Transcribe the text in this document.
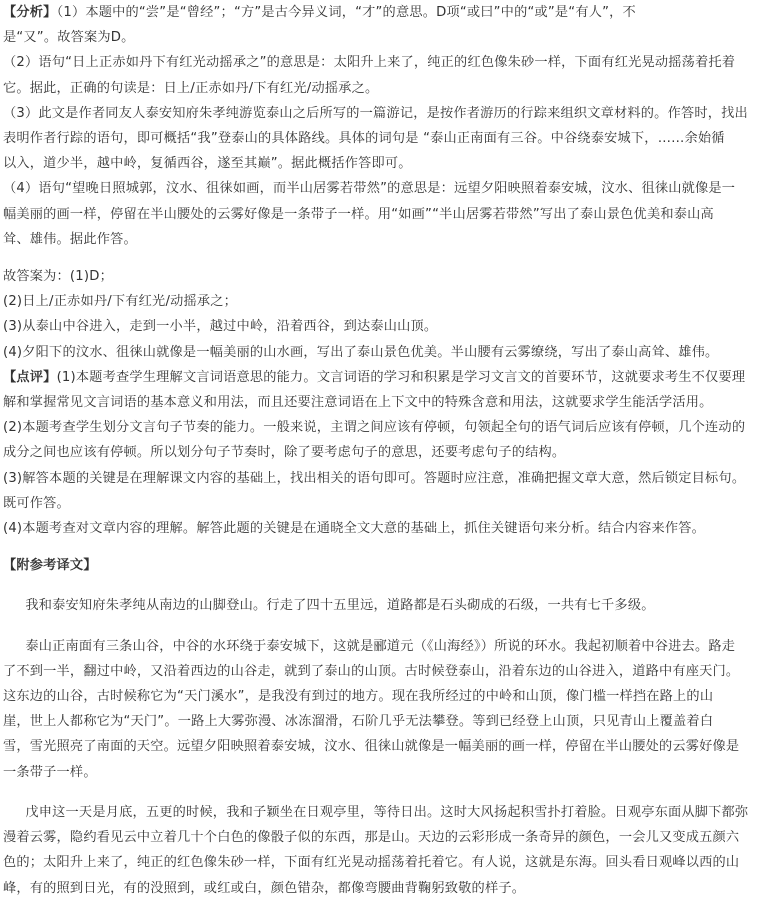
【分析】（1）本题中的“尝”是“曾经”；“方”是古今异义词，“才”的意思。D项“或曰”中的“或”是“有人”，不
是“又”。故答案为D。
（2）语句“日上正赤如丹下有红光动摇承之”的意思是：太阳升上来了，纯正的红色像朱砂一样，下面有红光晃动摇荡着托着
它。据此，正确的句读是：日上/正赤如丹/下有红光/动摇承之。
（3）此文是作者同友人泰安知府朱孝纯游览泰山之后所写的一篇游记，是按作者游历的行踪来组织文章材料的。作答时，找出
表明作者行踪的语句，即可概括“我”登泰山的具体路线。具体的词句是 “泰山正南面有三谷。中谷绕泰安城下，……余始循
以入，道少半，越中岭，复循西谷，遂至其巅”。据此概括作答即可。
（4）语句“望晚日照城郭，汶水、徂徕如画，而半山居雾若带然”的意思是：远望夕阳映照着泰安城，汶水、徂徕山就像是一
幅美丽的画一样，停留在半山腰处的云雾好像是一条带子一样。用“如画”“半山居雾若带然”写出了泰山景色优美和泰山高
耸、雄伟。据此作答。
故答案为：(1)D；
(2)日上/正赤如丹/下有红光/动摇承之；
(3)从泰山中谷进入，走到一小半，越过中岭，沿着西谷，到达泰山山顶。
(4)夕阳下的汶水、徂徕山就像是一幅美丽的山水画，写出了泰山景色优美。半山腰有云雾缭绕，写出了泰山高耸、雄伟。
【点评】(1)本题考查学生理解文言词语意思的能力。文言词语的学习和积累是学习文言文的首要环节，这就要求考生不仅要理
解和掌握常见文言词语的基本意义和用法，而且还要注意词语在上下文中的特殊含意和用法，这就要求学生能活学活用。
(2)本题考查学生划分文言句子节奏的能力。一般来说，主谓之间应该有停顿，句领起全句的语气词后应该有停顿，几个连动的
成分之间也应该有停顿。所以划分句子节奏时，除了要考虑句子的意思，还要考虑句子的结构。
(3)解答本题的关键是在理解课文内容的基础上，找出相关的语句即可。答题时应注意，准确把握文章大意，然后锁定目标句。
既可作答。
(4)本题考查对文章内容的理解。解答此题的关键是在通晓全文大意的基础上，抓住关键语句来分析。结合内容来作答。
【附参考译文】
　我和泰安知府朱孝纯从南边的山脚登山。行走了四十五里远，道路都是石头砌成的石级，一共有七千多级。
　泰山正南面有三条山谷，中谷的水环绕于泰安城下，这就是郦道元（《山海经》）所说的环水。我起初顺着中谷进去。路走
了不到一半，翻过中岭，又沿着西边的山谷走，就到了泰山的山顶。古时候登泰山，沿着东边的山谷进入，道路中有座天门。
这东边的山谷，古时候称它为“天门溪水”，是我没有到过的地方。现在我所经过的中岭和山顶，像门槛一样挡在路上的山
崖，世上人都称它为“天门”。一路上大雾弥漫、冰冻溜滑，石阶几乎无法攀登。等到已经登上山顶，只见青山上覆盖着白
雪，雪光照亮了南面的天空。远望夕阳映照着泰安城，汶水、徂徕山就像是一幅美丽的画一样，停留在半山腰处的云雾好像是
一条带子一样。
　戊申这一天是月底，五更的时候，我和子颖坐在日观亭里，等待日出。这时大风扬起积雪扑打着脸。日观亭东面从脚下都弥
漫着云雾，隐约看见云中立着几十个白色的像骰子似的东西，那是山。天边的云彩形成一条奇异的颜色，一会儿又变成五颜六
色的；太阳升上来了，纯正的红色像朱砂一样，下面有红光晃动摇荡着托着它。有人说，这就是东海。回头看日观峰以西的山
峰，有的照到日光，有的没照到，或红或白，颜色错杂，都像弯腰曲背鞠躬致敬的样子。
